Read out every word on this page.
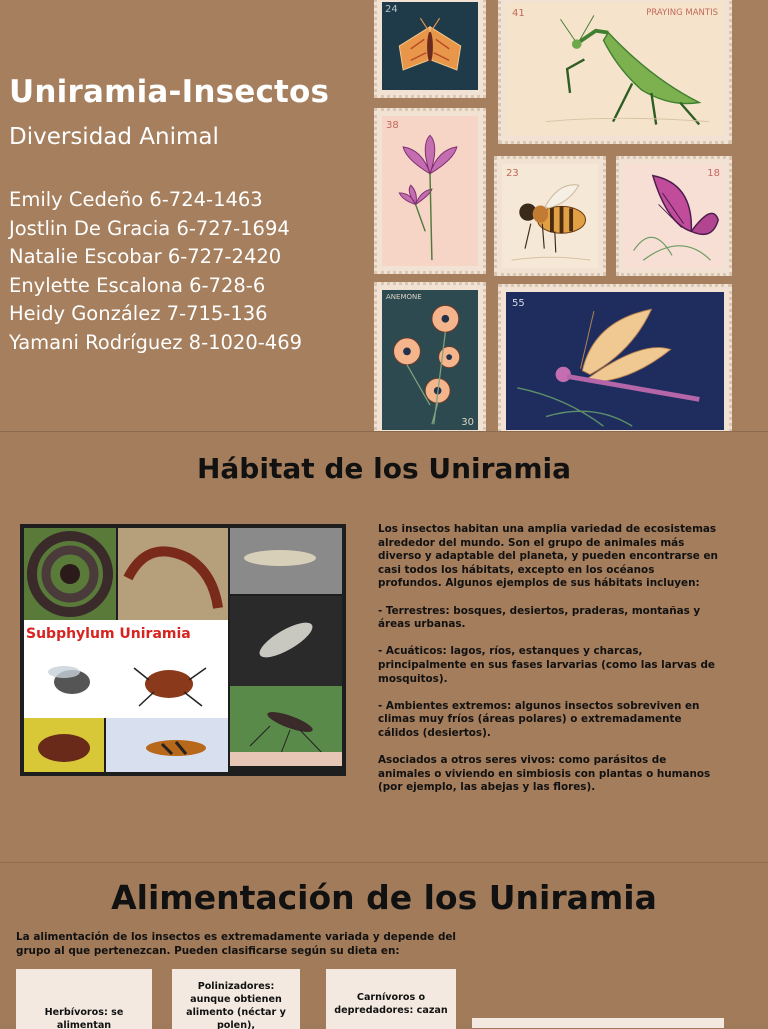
Uniramia-Insectos
Diversidad Animal
Emily Cedeño 6-724-1463
Jostlin De Gracia 6-727-1694
Natalie Escobar 6-727-2420
Enylette Escalona 6-728-6
Heidy González 7-715-136
Yamani Rodríguez 8-1020-469
24	41	PRAYING MANTIS
38
23	18
ANEMONE
30
55
Hábitat de los Uniramia
Subphylum Uniramia

Los insectos habitan una amplia variedad de ecosistemas alrededor del mundo. Son el grupo de animales más diverso y adaptable del planeta, y pueden encontrarse en casi todos los hábitats, excepto en los océanos profundos. Algunos ejemplos de sus hábitats incluyen:

- Terrestres: bosques, desiertos, praderas, montañas y áreas urbanas.

- Acuáticos: lagos, ríos, estanques y charcas, principalmente en sus fases larvarias (como las larvas de mosquitos).

- Ambientes extremos: algunos insectos sobreviven en climas muy fríos (áreas polares) o extremadamente cálidos (desiertos).

Asociados a otros seres vivos: como parásitos de animales o viviendo en simbiosis con plantas o humanos (por ejemplo, las abejas y las flores).

Alimentación de los Uniramia
La alimentación de los insectos es extremadamente variada y depende del grupo al que pertenezcan. Pueden clasificarse según su dieta en:
Herbívoros: se alimentan
Polinizadores: aunque obtienen alimento (néctar y polen),
Carnívoros o depredadores: cazan
